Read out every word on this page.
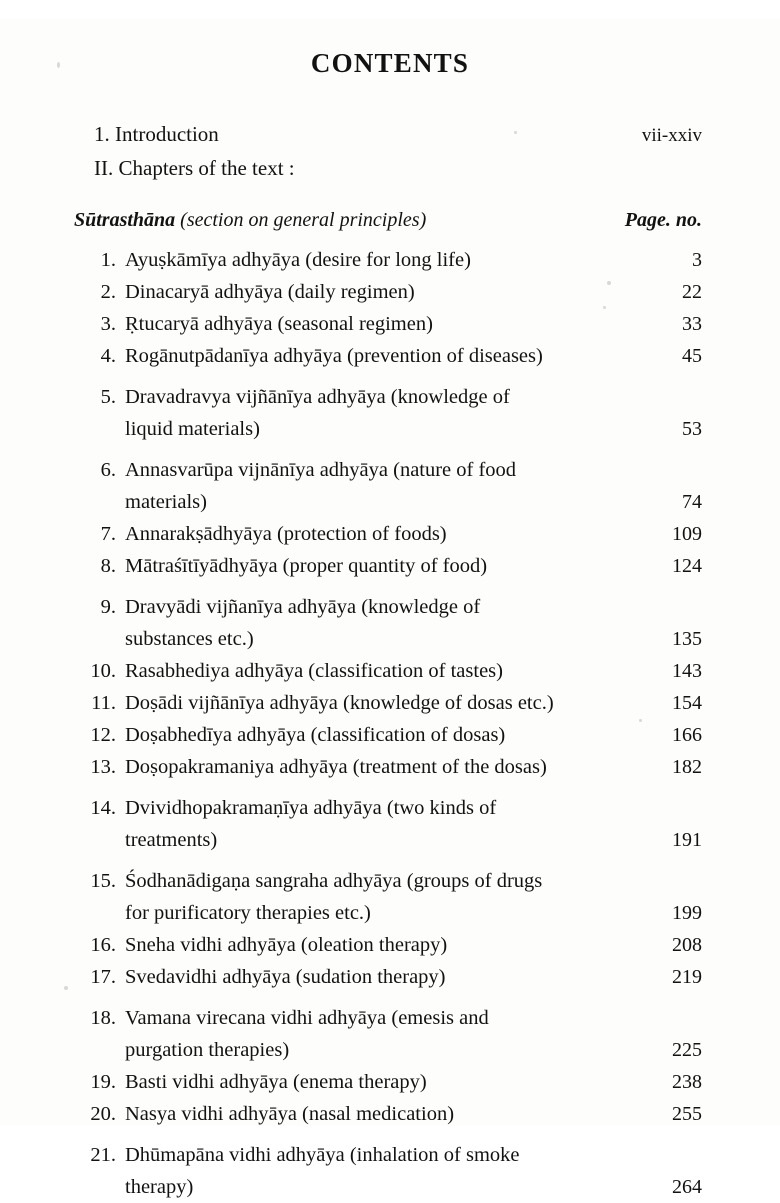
CONTENTS
1. Introduction	vii-xxiv
II. Chapters of the text :
Sūtrasthāna (section on general principles)	Page. no.
1. Ayuṣkāmīya adhyāya (desire for long life)	3
2. Dinacaryā adhyāya (daily regimen)	22
3. Ṛtucaryā adhyāya (seasonal regimen)	33
4. Rogānutpādanīya adhyāya (prevention of diseases)	45
5. Dravadravya vijñānīya adhyāya (knowledge of
liquid materials)	53
6. Annasvarūpa vijnānīya adhyāya (nature of food
materials)	74
7. Annarakṣādhyāya (protection of foods)	109
8. Mātraśītīyādhyāya (proper quantity of food)	124
9. Dravyādi vijñanīya adhyāya (knowledge of
substances etc.)	135
10. Rasabhediya adhyāya (classification of tastes)	143
11. Doṣādi vijñānīya adhyāya (knowledge of dosas etc.)	154
12. Doṣabhedīya adhyāya (classification of dosas)	166
13. Doṣopakramaniya adhyāya (treatment of the dosas)	182
14. Dvividhopakramaṇīya adhyāya (two kinds of
treatments)	191
15. Śodhanādigaṇa sangraha adhyāya (groups of drugs
for purificatory therapies etc.)	199
16. Sneha vidhi adhyāya (oleation therapy)	208
17. Svedavidhi adhyāya (sudation therapy)	219
18. Vamana virecana vidhi adhyāya (emesis and
purgation therapies)	225
19. Basti vidhi adhyāya (enema therapy)	238
20. Nasya vidhi adhyāya (nasal medication)	255
21. Dhūmapāna vidhi adhyāya (inhalation of smoke
therapy)	264
